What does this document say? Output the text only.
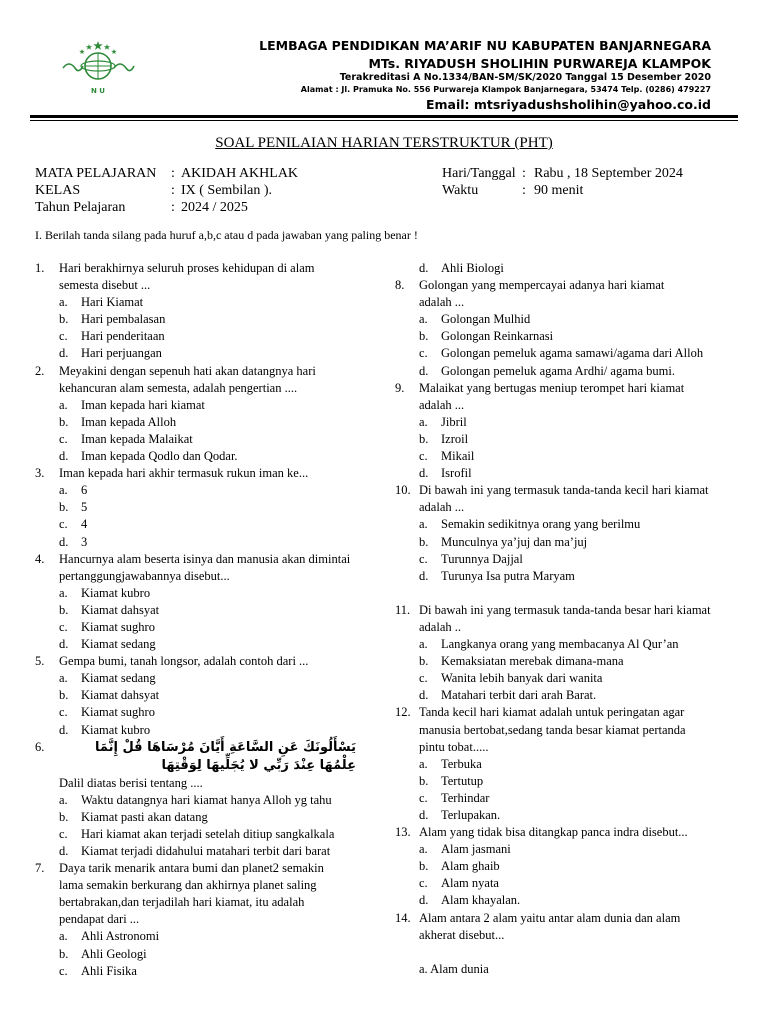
N U
LEMBAGA PENDIDIKAN MA’ARIF NU KABUPATEN BANJARNEGARA
MTs. RIYADUSH SHOLIHIN PURWAREJA KLAMPOK
Terakreditasi A No.1334/BAN-SM/SK/2020 Tanggal 15 Desember 2020
Alamat : Jl. Pramuka No. 556 Purwareja Klampok Banjarnegara, 53474 Telp. (0286) 479227
Email: mtsriyadushsholihin@yahoo.co.id
SOAL PENILAIAN HARIAN TERSTRUKTUR (PHT)
MATA PELAJARAN : AKIDAH AKHLAK
KELAS	: IX ( Sembilan ).
Tahun Pelajaran	: 2024 / 2025
Hari/Tanggal : Rabu , 18 September 2024
Waktu	: 90 menit
I. Berilah tanda silang pada huruf a,b,c atau d pada jawaban yang paling benar !
1. Hari berakhirnya seluruh proses kehidupan di alam
semesta disebut ...
a. Hari Kiamat
b. Hari pembalasan
c. Hari penderitaan
d. Hari perjuangan
2. Meyakini dengan sepenuh hati akan datangnya hari
kehancuran alam semesta, adalah pengertian ....
a. Iman kepada hari kiamat
b. Iman kepada Alloh
c. Iman kepada Malaikat
d. Iman kepada Qodlo dan Qodar.
3. Iman kepada hari akhir termasuk rukun iman ke...
a. 6
b. 5
c. 4
d. 3
4. Hancurnya alam beserta isinya dan manusia akan dimintai
pertanggungjawabannya disebut...
a. Kiamat kubro
b. Kiamat dahsyat
c. Kiamat sughro
d. Kiamat sedang
5. Gempa bumi, tanah longsor, adalah contoh dari ...
a. Kiamat sedang
b. Kiamat dahsyat
c. Kiamat sughro
d. Kiamat kubro
6.	يَسْأَلُونَكَ عَنِ السَّاعَةِ أَيَّانَ مُرْسَاهَا قُلْ إِنَّمَا
عِلْمُهَا عِنْدَ رَبِّي لا يُجَلِّيهَا لِوَقْتِهَا
Dalil diatas berisi tentang ....
a. Waktu datangnya hari kiamat hanya Alloh yg tahu
b. Kiamat pasti akan datang
c. Hari kiamat akan terjadi setelah ditiup sangkalkala
d. Kiamat terjadi didahului matahari terbit dari barat
7. Daya tarik menarik antara bumi dan planet2 semakin
lama semakin berkurang dan akhirnya planet saling
bertabrakan,dan terjadilah hari kiamat, itu adalah
pendapat dari ...
a. Ahli Astronomi
b. Ahli Geologi
c. Ahli Fisika
d. Ahli Biologi
8. Golongan yang mempercayai adanya hari kiamat
adalah ...
a. Golongan Mulhid
b. Golongan Reinkarnasi
c. Golongan pemeluk agama samawi/agama dari Alloh
d. Golongan pemeluk agama Ardhi/ agama bumi.
9. Malaikat yang bertugas meniup terompet hari kiamat
adalah ...
a. Jibril
b. Izroil
c. Mikail
d. Isrofil
10. Di bawah ini yang termasuk tanda-tanda kecil hari kiamat
adalah ...
a. Semakin sedikitnya orang yang berilmu
b. Munculnya ya’juj dan ma’juj
c. Turunnya Dajjal
d. Turunya Isa putra Maryam
11. Di bawah ini yang termasuk tanda-tanda besar hari kiamat
adalah ..
a. Langkanya orang yang membacanya Al Qur’an
b. Kemaksiatan merebak dimana-mana
c. Wanita lebih banyak dari wanita
d. Matahari terbit dari arah Barat.
12. Tanda kecil hari kiamat adalah untuk peringatan agar
manusia bertobat,sedang tanda besar kiamat pertanda
pintu tobat.....
a. Terbuka
b. Tertutup
c. Terhindar
d. Terlupakan.
13. Alam yang tidak bisa ditangkap panca indra disebut...
a. Alam jasmani
b. Alam ghaib
c. Alam nyata
d. Alam khayalan.
14. Alam antara 2 alam yaitu antar alam dunia dan alam
akherat disebut...
a. Alam dunia
